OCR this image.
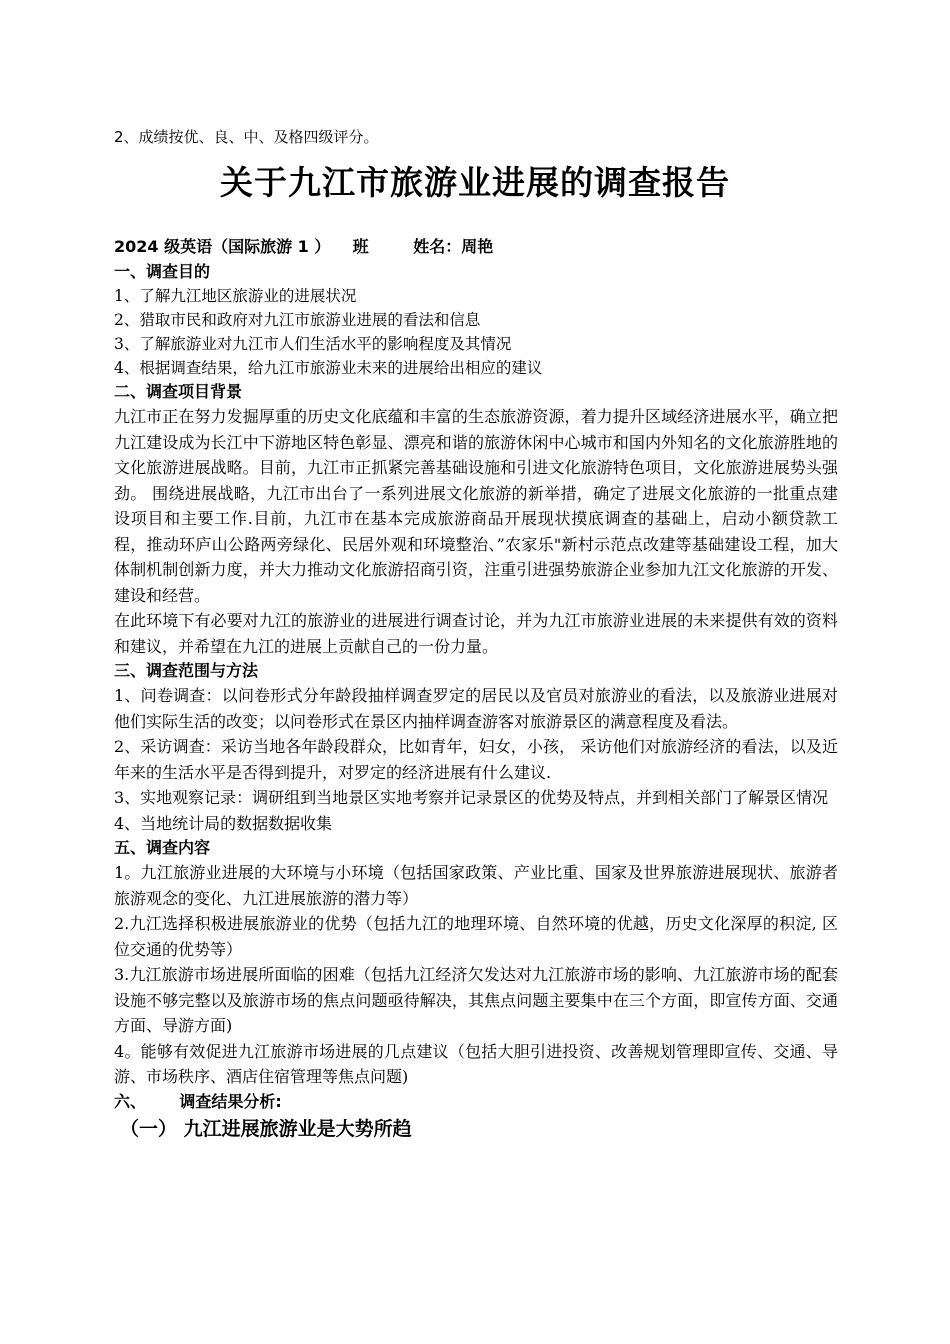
2、成绩按优、良、中、及格四级评分。
关于九江市旅游业进展的调查报告
2024 级英语（国际旅游 1 ）    班        姓名：周艳
一、调查目的
1、了解九江地区旅游业的进展状况
2、猎取市民和政府对九江市旅游业进展的看法和信息
3、了解旅游业对九江市人们生活水平的影响程度及其情况
4、根据调查结果，给九江市旅游业未来的进展给出相应的建议
二、调查项目背景
九江市正在努力发掘厚重的历史文化底蕴和丰富的生态旅游资源，着力提升区域经济进展水平，确立把九江建设成为长江中下游地区特色彰显、漂亮和谐的旅游休闲中心城市和国内外知名的文化旅游胜地的文化旅游进展战略。目前，九江市正抓紧完善基础设施和引进文化旅游特色项目，文化旅游进展势头强劲。 围绕进展战略，九江市出台了一系列进展文化旅游的新举措，确定了进展文化旅游的一批重点建设项目和主要工作.目前，九江市在基本完成旅游商品开展现状摸底调查的基础上，启动小额贷款工程，推动环庐山公路两旁绿化、民居外观和环境整治、”农家乐"新村示范点改建等基础建设工程，加大体制机制创新力度，并大力推动文化旅游招商引资，注重引进强势旅游企业参加九江文化旅游的开发、建设和经营。
在此环境下有必要对九江的旅游业的进展进行调查讨论，并为九江市旅游业进展的未来提供有效的资料和建议，并希望在九江的进展上贡献自己的一份力量。
三、调查范围与方法
1、问卷调查：以问卷形式分年龄段抽样调查罗定的居民以及官员对旅游业的看法，以及旅游业进展对他们实际生活的改变；以问卷形式在景区内抽样调查游客对旅游景区的满意程度及看法。
2、采访调查：采访当地各年龄段群众，比如青年，妇女，小孩， 采访他们对旅游经济的看法，以及近年来的生活水平是否得到提升，对罗定的经济进展有什么建议.
3、实地观察记录：调研组到当地景区实地考察并记录景区的优势及特点，并到相关部门了解景区情况
4、当地统计局的数据数据收集
五、调查内容
1。九江旅游业进展的大环境与小环境（包括国家政策、产业比重、国家及世界旅游进展现状、旅游者旅游观念的变化、九江进展旅游的潜力等）
2.九江选择积极进展旅游业的优势（包括九江的地理环境、自然环境的优越，历史文化深厚的积淀, 区位交通的优势等）
3.九江旅游市场进展所面临的困难（包括九江经济欠发达对九江旅游市场的影响、九江旅游市场的配套设施不够完整以及旅游市场的焦点问题亟待解决，其焦点问题主要集中在三个方面，即宣传方面、交通方面、导游方面)
4。能够有效促进九江旅游市场进展的几点建议（包括大胆引进投资、改善规划管理即宣传、交通、导游、市场秩序、酒店住宿管理等焦点问题)
六、      调查结果分析:
（一） 九江进展旅游业是大势所趋
